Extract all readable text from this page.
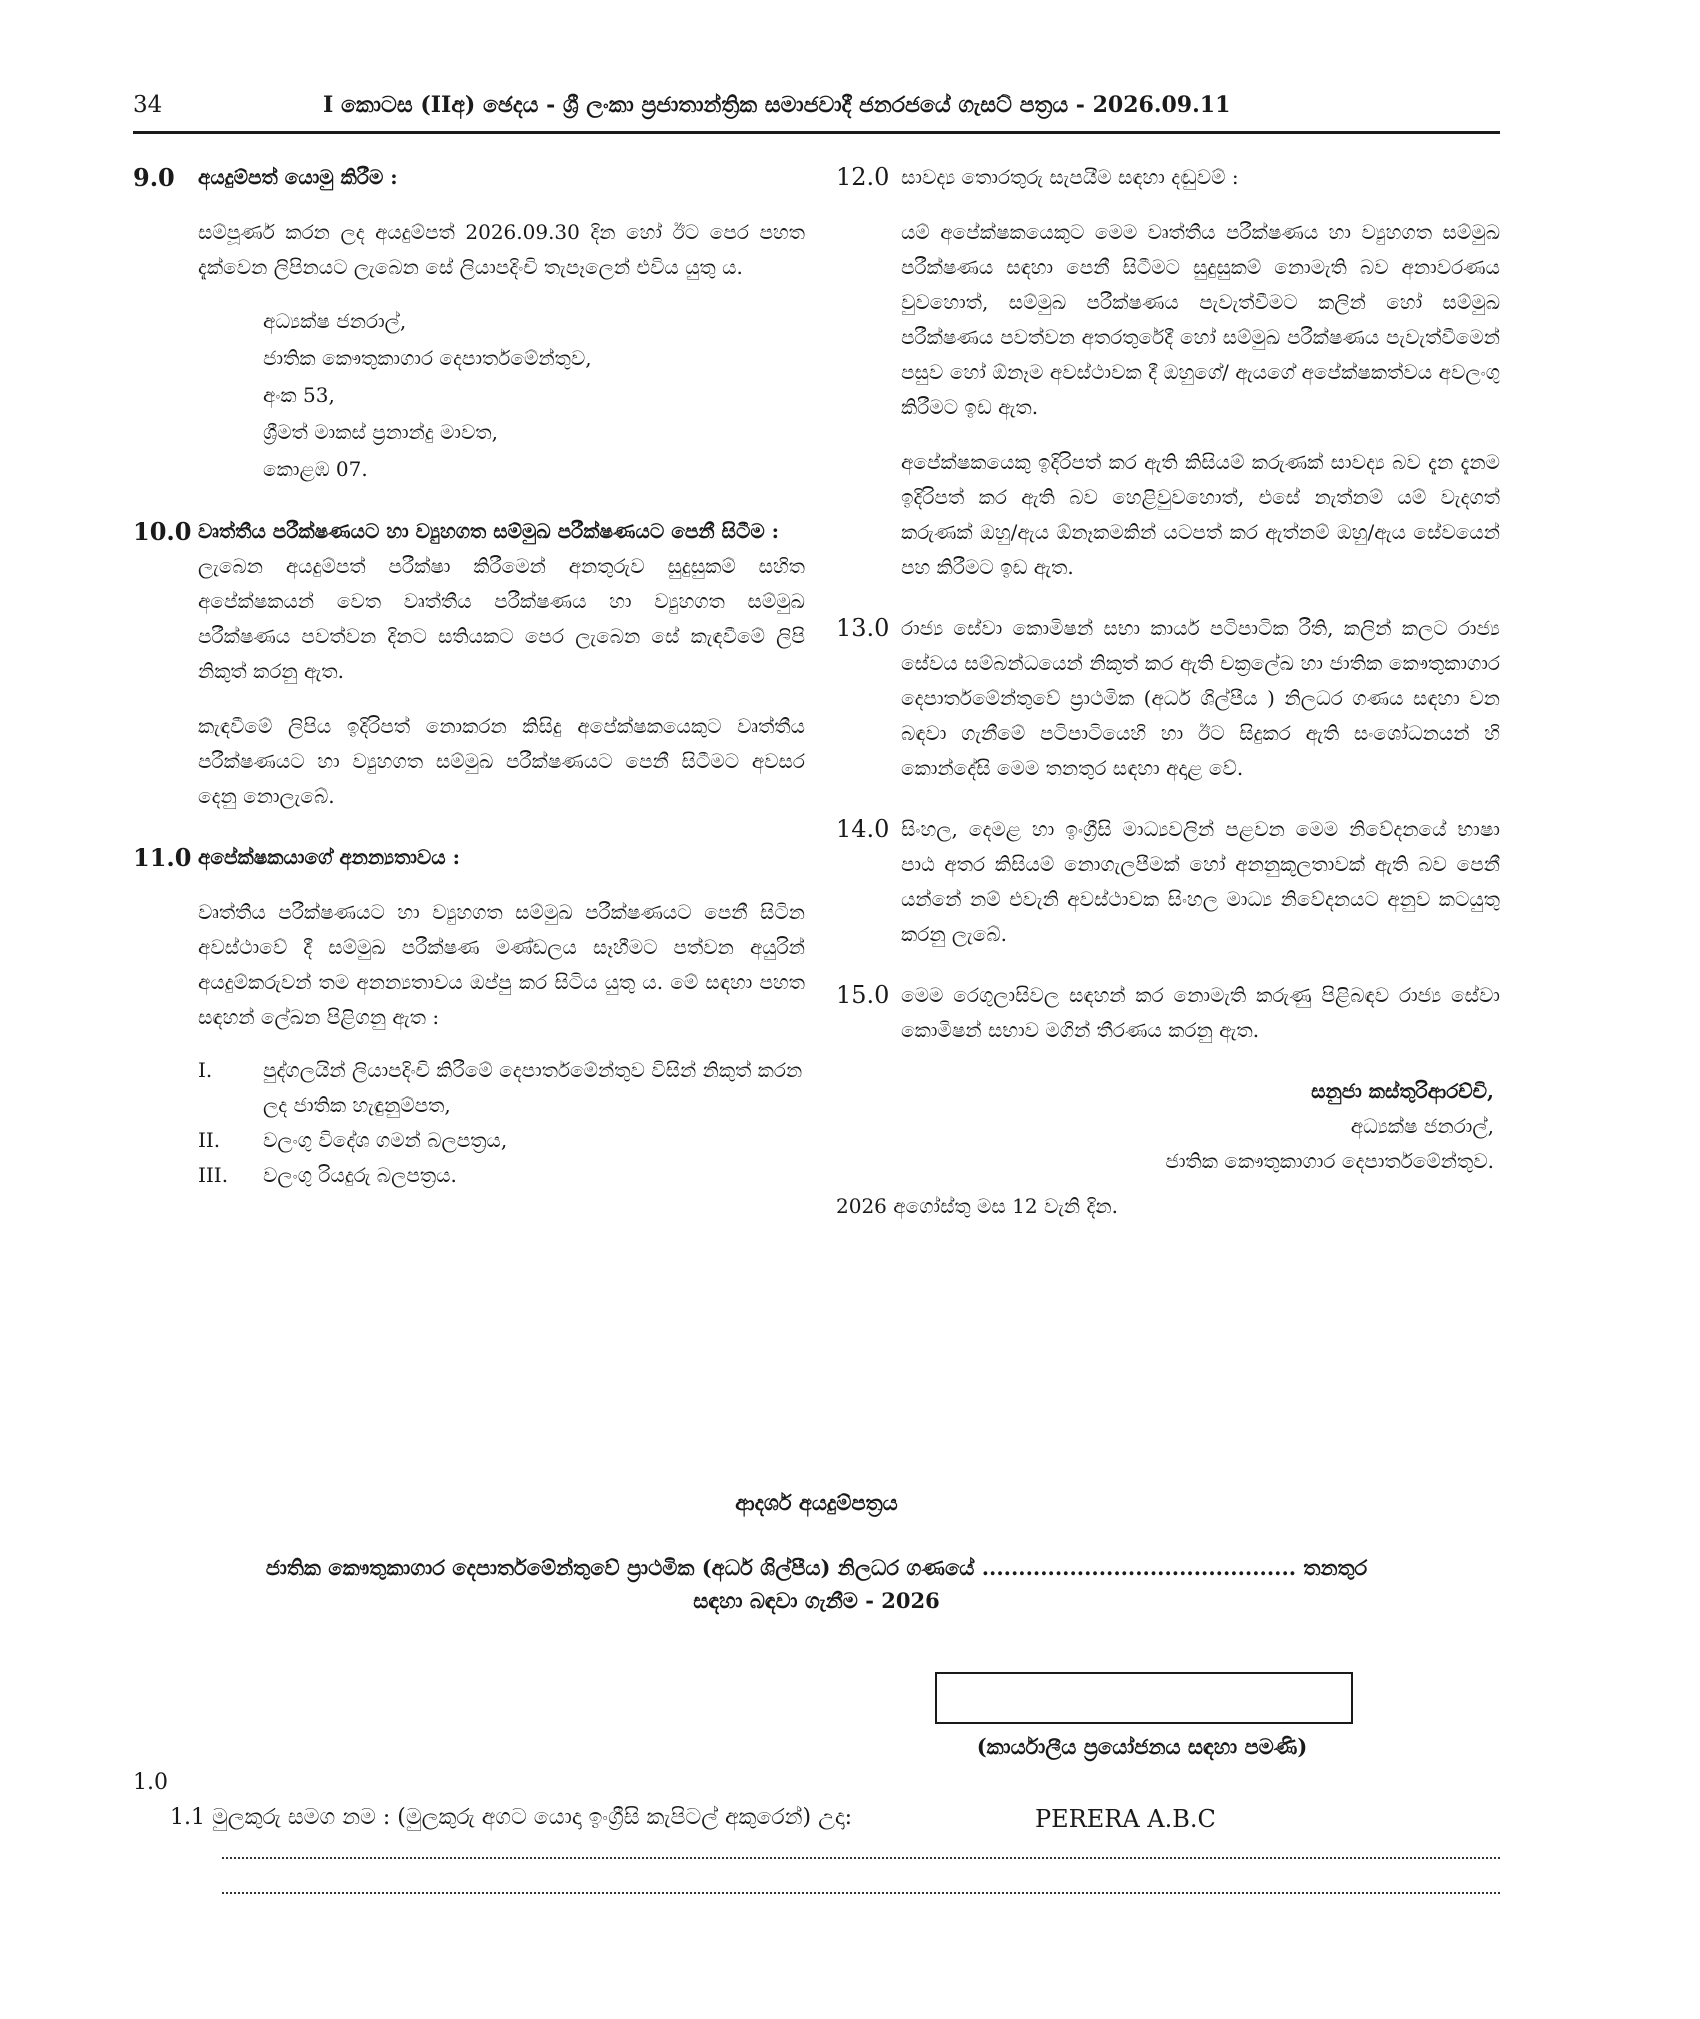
34	I කොටස (IIඅ) ඡෙදය - ශ්‍රී ලංකා ප්‍රජාතාන්ත්‍රික සමාජවාදී ජනරජයේ ගැසට් පත්‍රය - 2026.09.11
9.0 අයදුම්පත් යොමු කිරීම :
සම්පූර්ණ කරන ලද අයදුම්පත් 2026.09.30 දින හෝ ඊට පෙර පහත දැක්වෙන ලිපිනයට ලැබෙන සේ ලියාපදිංචි තැපෑලෙන් එවිය යුතු ය.
අධ්‍යක්ෂ ජනරාල්,
ජාතික කෞතුකාගාර දෙපාර්තමේන්තුව,
අංක 53,
ශ්‍රීමත් මාකස් ප්‍රනාන්දු මාවත,
කොළඹ 07.
10.0 වෘත්තීය පරීක්ෂණයට හා ව්‍යුහගත සම්මුඛ පරීක්ෂණයට පෙනී සිටීම :
ලැබෙන අයදුම්පත් පරීක්ෂා කිරීමෙන් අනතුරුව සුදුසුකම් සහිත අපේක්ෂකයන් වෙත වෘත්තීය පරීක්ෂණය හා ව්‍යුහගත සම්මුඛ පරීක්ෂණය පවත්වන දිනට සතියකට පෙර ලැබෙන සේ කැඳවීමේ ලිපි නිකුත් කරනු ඇත.
කැඳවීමේ ලිපිය ඉදිරිපත් නොකරන කිසිදු අපේක්ෂකයෙකුට වෘත්තීය පරීක්ෂණයට හා ව්‍යුහගත සම්මුඛ පරීක්ෂණයට පෙනී සිටීමට අවසර දෙනු නොලැබේ.
11.0 අපේක්ෂකයාගේ අනන්‍යතාවය :
වෘත්තීය පරීක්ෂණයට හා ව්‍යුහගත සම්මුඛ පරීක්ෂණයට පෙනී සිටින අවස්ථාවේ දී සම්මුඛ පරීක්ෂණ මණ්ඩලය සෑහීමට පත්වන අයුරින් අයදුම්කරුවන් තම අනන්‍යතාවය ඔප්පු කර සිටිය යුතු ය. මේ සඳහා පහත සඳහන් ලේඛන පිළිගනු ඇත :
I.	පුද්ගලයින් ලියාපදිංචි කිරීමේ දෙපාර්තමේන්තුව විසින් නිකුත් කරන ලද ජාතික හැඳුනුම්පත,
II. වලංගු විදේශ ගමන් බලපත්‍රය,
III. වලංගු රියදුරු බලපත්‍රය.
12.0 සාවද්‍ය තොරතුරු සැපයීම සඳහා දඬුවම් :
යම් අපේක්ෂකයෙකුට මෙම වෘත්තීය පරීක්ෂණය හා ව්‍යුහගත සම්මුඛ පරීක්ෂණය සඳහා පෙනී සිටීමට සුදුසුකම් නොමැති බව අනාවරණය වුවහොත්, සම්මුඛ පරීක්ෂණය පැවැත්වීමට කලින් හෝ සම්මුඛ පරීක්ෂණය පවත්වන අතරතුරේදී හෝ සම්මුඛ පරීක්ෂණය පැවැත්වීමෙන් පසුව හෝ ඕනෑම අවස්ථාවක දී ඔහුගේ/ ඇයගේ අපේක්ෂකත්වය අවලංගු කිරීමට ඉඩ ඇත.
අපේක්ෂකයෙකු ඉදිරිපත් කර ඇති කිසියම් කරුණක් සාවද්‍ය බව දැන දැනම ඉදිරිපත් කර ඇති බව හෙළිවුවහොත්, එසේ නැත්නම් යම් වැදගත් කරුණක් ඔහු/ඇය ඕනෑකමකින් යටපත් කර ඇත්නම් ඔහු/ඇය සේවයෙන් පහ කිරීමට ඉඩ ඇත.
13.0 රාජ්‍ය සේවා කොමිෂන් සභා කාර්ය පටිපාටික රීති, කලින් කලට රාජ්‍ය සේවය සම්බන්ධයෙන් නිකුත් කර ඇති චක්‍රලේඛ හා ජාතික කෞතුකාගාර දෙපාර්තමේන්තුවේ ප්‍රාථමික (අර්ධ ශිල්පීය ) නිලධර ගණය සඳහා වන බඳවා ගැනීමේ පටිපාටියෙහි හා ඊට සිදුකර ඇති සංශෝධනයන් හි කොන්දේසි මෙම තනතුර සඳහා අදාළ වේ.
14.0 සිංහල, දෙමළ හා ඉංග්‍රීසි මාධ්‍යවලින් පළවන මෙම නිවේදනයේ භාෂා පාඨ අතර කිසියම් නොගැලපීමක් හෝ අනනුකූලතාවක් ඇති බව පෙනී යන්නේ නම් එවැනි අවස්ථාවක සිංහල මාධ්‍ය නිවේදනයට අනුව කටයුතු කරනු ලැබේ.
15.0 මෙම රෙගුලාසිවල සඳහන් කර නොමැති කරුණු පිළිබඳව රාජ්‍ය සේවා කොමිෂන් සභාව මගින් තීරණය කරනු ඇත.
සනුජා කස්තුරිආරච්චි,
අධ්‍යක්ෂ ජනරාල්,
ජාතික කෞතුකාගාර දෙපාර්තමේන්තුව.
2026 අගෝස්තු මස 12 වැනි දින.
ආදර්ශ අයදුම්පත්‍රය
ජාතික කෞතුකාගාර දෙපාර්තමේන්තුවේ ප්‍රාථමික (අර්ධ ශිල්පීය) නිලධර ගණයේ ........................................... තනතුර
සඳහා බඳවා ගැනීම - 2026
(කාර්යාලීය ප්‍රයෝජනය සඳහා පමණි)
1.0
1.1 මුලකුරු සමග නම : (මුලකුරු අගට යොදා ඉංග්‍රීසි කැපිටල් අකුරෙන්) උදා:	PERERA A.B.C
